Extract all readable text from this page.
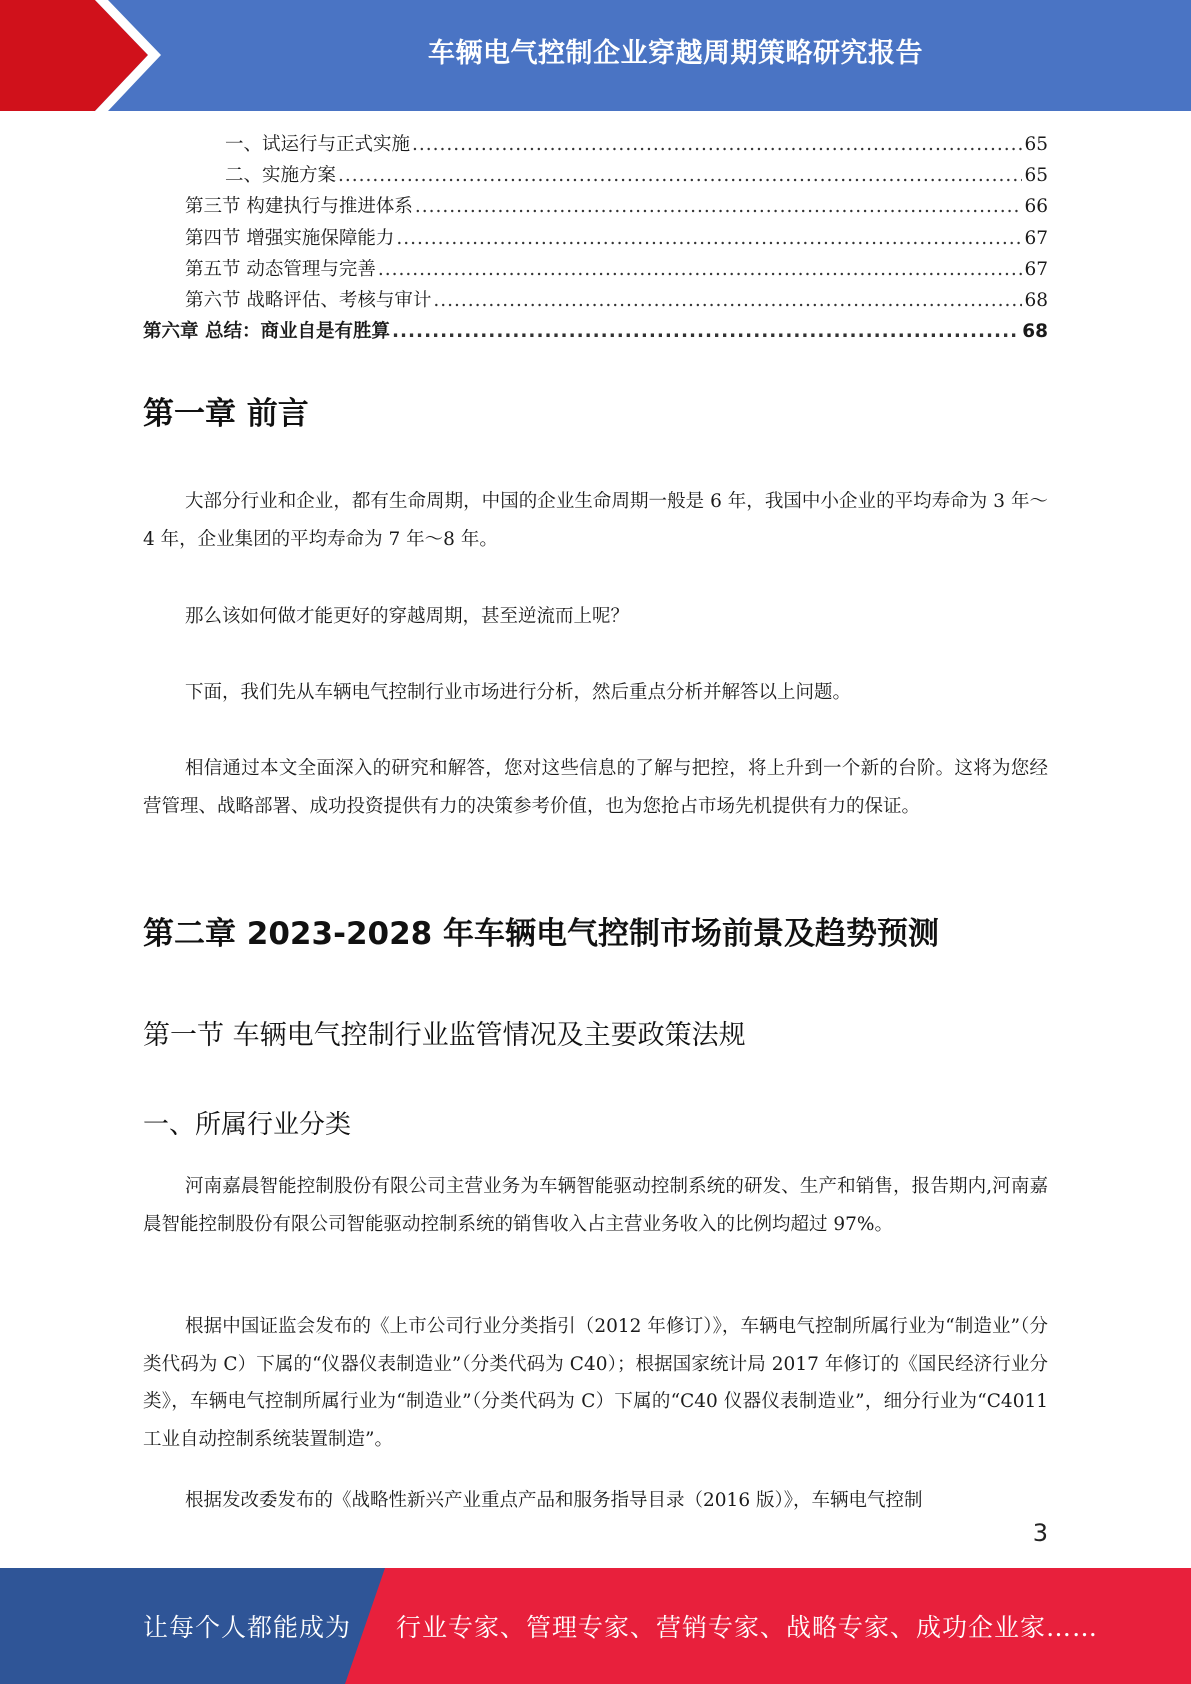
车辆电气控制企业穿越周期策略研究报告
一、试运行与正式实施 .....	65
二、实施方案 .....	65
第三节 构建执行与推进体系 .....	66
第四节 增强实施保障能力 .....	67
第五节 动态管理与完善 .....	67
第六节 战略评估、考核与审计 .....	68
第六章 总结：商业自是有胜算 .....	68
第一章 前言

大部分行业和企业，都有生命周期，中国的企业生命周期一般是 6 年，我国中小企业的平均寿命为 3 年～4 年，企业集团的平均寿命为 7 年～8 年。

那么该如何做才能更好的穿越周期，甚至逆流而上呢？

下面，我们先从车辆电气控制行业市场进行分析，然后重点分析并解答以上问题。

相信通过本文全面深入的研究和解答，您对这些信息的了解与把控，将上升到一个新的台阶。这将为您经营管理、战略部署、成功投资提供有力的决策参考价值，也为您抢占市场先机提供有力的保证。

第二章 2023-2028 年车辆电气控制市场前景及趋势预测
第一节 车辆电气控制行业监管情况及主要政策法规
一、所属行业分类

河南嘉晨智能控制股份有限公司主营业务为车辆智能驱动控制系统的研发、生产和销售，报告期内,河南嘉晨智能控制股份有限公司智能驱动控制系统的销售收入占主营业务收入的比例均超过 97%。

根据中国证监会发布的《上市公司行业分类指引（2012 年修订）》，车辆电气控制所属行业为“制造业”（分类代码为 C）下属的“仪器仪表制造业”（分类代码为 C40）；根据国家统计局 2017 年修订的《国民经济行业分类》，车辆电气控制所属行业为“制造业”（分类代码为 C）下属的“C40 仪器仪表制造业”，细分行业为“C4011 工业自动控制系统装置制造”。

根据发改委发布的《战略性新兴产业重点产品和服务指导目录（2016 版）》，车辆电气控制

3
让每个人都能成为 行业专家、管理专家、营销专家、战略专家、成功企业家……
